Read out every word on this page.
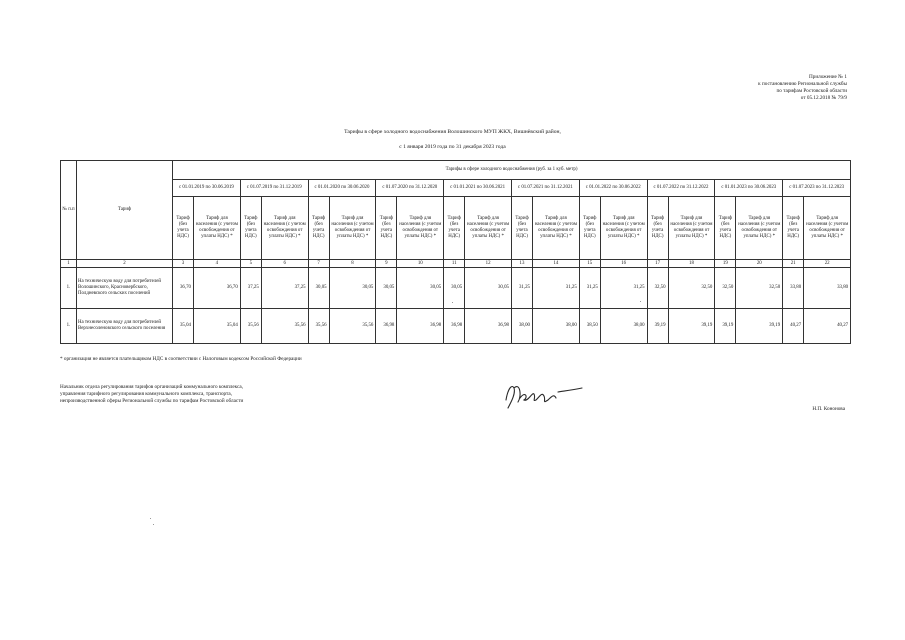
Приложение № 1
к постановлению Региональной службы
по тарифам Ростовской области
от 05.12.2018 № 79/9
Тарифы в сфере холодного водоснабжения Волошинского МУП ЖКХ, Вишнёвский район,
с 1 января 2019 года по 31 декабря 2023 года
№ п.п	Тариф	Тарифы в сфере холодного водоснабжения (руб. за 1 куб. метр)																			
		с 01.01.2019 по 30.06.2019		с 01.07.2019 по 31.12.2019		с 01.01.2020 по 30.06.2020		с 01.07.2020 по 31.12.2020		с 01.01.2021 по 30.06.2021		с 01.07.2021 по 31.12.2021		с 01.01.2022 по 30.06.2022		с 01.07.2022 по 31.12.2022		с 01.01.2023 по 30.06.2023		с 01.07.2023 по 31.12.2023	
		Тариф (без учета НДС)	Тариф для населения (с учетом освобождения от уплаты НДС) *	Тариф (без учета НДС)	Тариф для населения (с учетом освобождения от уплаты НДС) *	Тариф (без учета НДС)	Тариф для населения (с учетом освобождения от уплаты НДС) *	Тариф (без учета НДС)	Тариф для населения (с учетом освобождения от уплаты НДС) *	Тариф (без учета НДС)	Тариф для населения (с учетом освобождения от уплаты НДС) *	Тариф (без учета НДС)	Тариф для населения (с учетом освобождения от уплаты НДС) *	Тариф (без учета НДС)	Тариф для населения (с учетом освобождения от уплаты НДС) *	Тариф (без учета НДС)	Тариф для населения (с учетом освобождения от уплаты НДС) *	Тариф (без учета НДС)	Тариф для населения (с учетом освобождения от уплаты НДС) *	Тариф (без учета НДС)	Тариф для населения (с учетом освобождения от уплаты НДС) *
1	2	3	4	5	6	7	8	9	10	11	12	13	14	15	16	17	18	19	20	21	22
1.	На техническую воду для потребителей Волошинского, Красновербского, Полдневского сельских поселений	36,70	36,70	37,25	37,25	30,05	30,05	30,05	30,05	30,05	30,05	31,25	31,25	31,25	31,25	32,50	32,50	32,50	32,50	33,80	33,80
1.	На техническую воду для потребителей Верхнесоленовского сельского поселения	35,04	35,04	35,56	35,56	35,56	35,56	36,98	36,98	36,98	36,98	38,00	38,00	38,50	38,00	39,19	39,19	39,19	39,19	40,27	40,27
* организация не является плательщиком НДС в соответствии с Налоговым кодексом Российской Федерации
Начальник отдела регулирования тарифов организаций коммунального комплекса,
управления тарифного регулирования коммунального комплекса, транспорта,
непроизводственной сферы Региональной службы по тарифам Ростовской области
Н.П. Кононова
